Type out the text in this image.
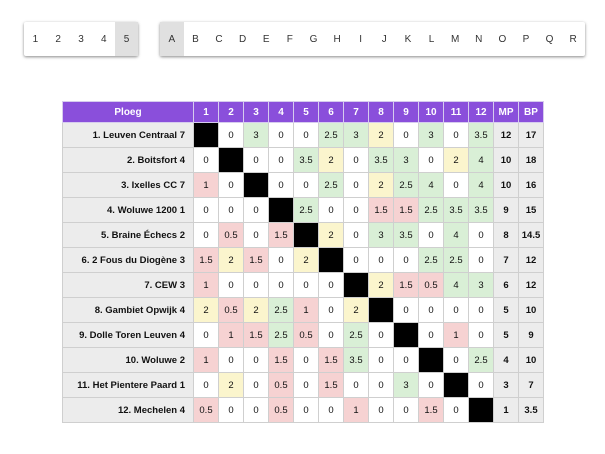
1	2	3	4	5	A	B	C	D	E	F	G	H	I	J	K	L	M	N	O	P	Q	R
Ploeg	1	2	3	4	5	6	7	8	9	10	11	12	MP	BP
1. Leuven Centraal 7		0	3	0	0	2.5	3	2	0	3	0	3.5	12	17
2. Boitsfort 4	0		0	0	3.5	2	0	3.5	3	0	2	4	10	18
3. Ixelles CC 7	1	0		0	0	2.5	0	2	2.5	4	0	4	10	16
4. Woluwe 1200 1	0	0	0		2.5	0	0	1.5	1.5	2.5	3.5	3.5	9	15
5. Braine Échecs 2	0	0.5	0	1.5		2	0	3	3.5	0	4	0	8	14.5
6. 2 Fous du Diogène 3	1.5	2	1.5	0	2		0	0	0	2.5	2.5	0	7	12
7. CEW 3	1	0	0	0	0	0		2	1.5	0.5	4	3	6	12
8. Gambiet Opwijk 4	2	0.5	2	2.5	1	0	2		0	0	0	0	5	10
9. Dolle Toren Leuven 4	0	1	1.5	2.5	0.5	0	2.5	0		0	1	0	5	9
10. Woluwe 2	1	0	0	1.5	0	1.5	3.5	0	0		0	2.5	4	10
11. Het Pientere Paard 1	0	2	0	0.5	0	1.5	0	0	3	0		0	3	7
12. Mechelen 4	0.5	0	0	0.5	0	0	1	0	0	1.5	0		1	3.5
